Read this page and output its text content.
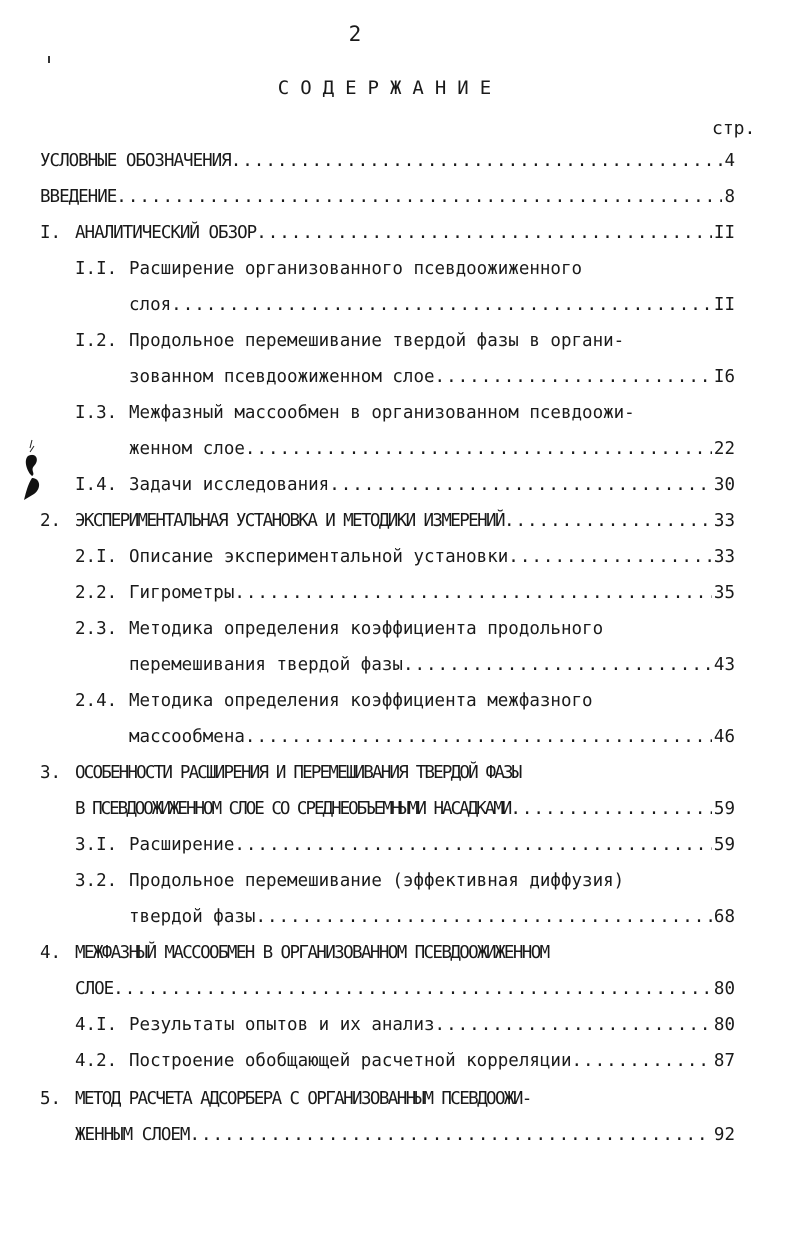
2
СОДЕРЖАНИЕ
стр.
УСЛОВНЫЕ ОБОЗНАЧЕНИЯ .....	4
ВВЕДЕНИЕ .....	8
I. АНАЛИТИЧЕСКИЙ ОБЗОР .....	II
I.I. Расширение организованного псевдоожиженного
слоя .....	II
I.2. Продольное перемешивание твердой фазы в органи-
зованном псевдоожиженном слое .....	I6
I.3. Межфазный массообмен в организованном псевдоожи-
женном слое .....	22
I.4. Задачи исследования .....	30
2. ЭКСПЕРИМЕНТАЛЬНАЯ УСТАНОВКА И МЕТОДИКИ ИЗМЕРЕНИЙ .....	33
2.I. Описание экспериментальной установки .....	33
2.2. Гигрометры .....	35
2.3. Методика определения коэффициента продольного
перемешивания твердой фазы .....	43
2.4. Методика определения коэффициента межфазного
массообмена .....	46
3. ОСОБЕННОСТИ РАСШИРЕНИЯ И ПЕРЕМЕШИВАНИЯ ТВЕРДОЙ ФАЗЫ
В ПСЕВДООЖИЖЕННОМ СЛОЕ СО СРЕДНЕОБЪЕМНЫМИ НАСАДКАМИ .....	59
3.I. Расширение .....	59
3.2. Продольное перемешивание (эффективная диффузия)
твердой фазы .....	68
4. МЕЖФАЗНЫЙ МАССООБМЕН В ОРГАНИЗОВАННОМ ПСЕВДООЖИЖЕННОМ
СЛОЕ .....	80
4.I. Результаты опытов и их анализ .....	80
4.2. Построение обобщающей расчетной корреляции .....	87
5. МЕТОД РАСЧЕТА АДСОРБЕРА С ОРГАНИЗОВАННЫМ ПСЕВДООЖИ-
ЖЕННЫМ СЛОЕМ .....	92
